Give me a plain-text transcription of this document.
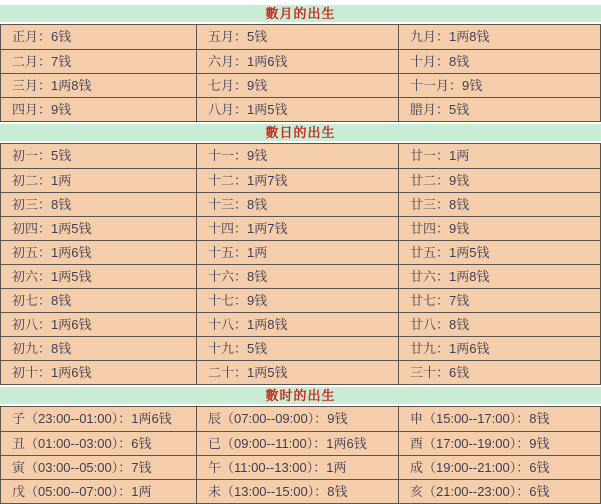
數月的出生
正月：6钱	五月：5钱	九月：1两8钱
二月：7钱	六月：1两6钱	十月：8钱
三月：1两8钱	七月：9钱	十一月：9钱
四月：9钱	八月：1两5钱	腊月：5钱
數日的出生
初一：5钱	十一：9钱	廿一：1两
初二：1两	十二：1两7钱	廿二：9钱
初三：8钱	十三：8钱	廿三：8钱
初四：1两5钱	十四：1两7钱	廿四：9钱
初五：1两6钱	十五：1两	廿五：1两5钱
初六：1两5钱	十六：8钱	廿六：1两8钱
初七：8钱	十七：9钱	廿七：7钱
初八：1两6钱	十八：1两8钱	廿八：8钱
初九：8钱	十九：5钱	廿九：1两6钱
初十：1两6钱	二十：1两5钱	三十：6钱
數时的出生
子（23:00--01:00）：1两6钱	辰（07:00--09:00）：9钱	申（15:00--17:00）：8钱
丑（01:00--03:00）：6钱	已（09:00--11:00）：1两6钱	酉（17:00--19:00）：9钱
寅（03:00--05:00）：7钱	午（11:00--13:00）：1两	成（19:00--21:00）：6钱
戊（05:00--07:00）：1两	未（13:00--15:00）：8钱	亥（21:00--23:00）：6钱
